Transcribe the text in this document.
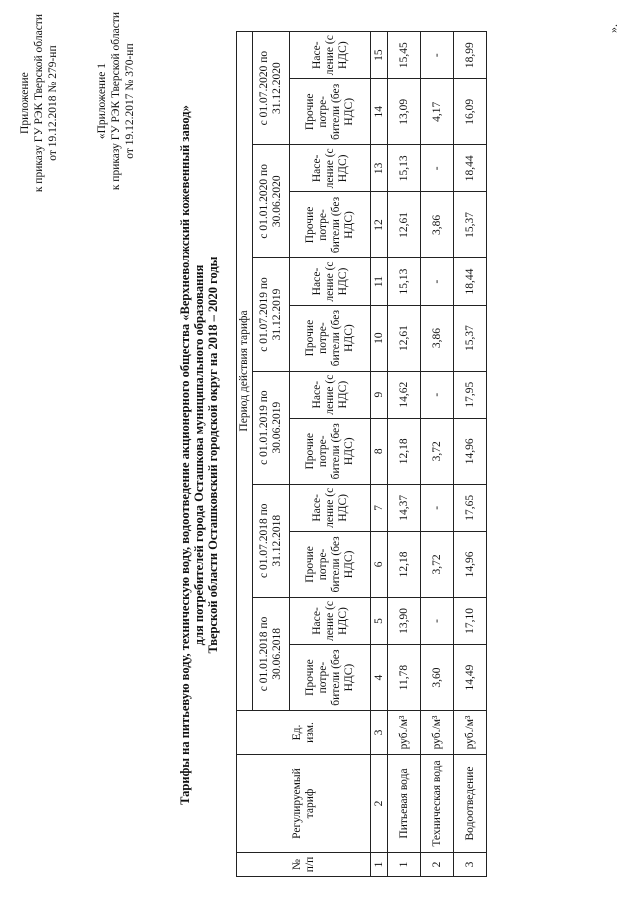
Приложение к приказу ГУ РЭК Тверской области от 19.12.2018 № 279-нп	«Приложение 1 к приказу ГУ РЭК Тверской области от 19.12.2017 № 370-нп
Тарифы на питьевую воду, техническую воду, водоотведение акционерного общества «Верхневолжский кожевенный завод» для потребителей города Осташкова муниципального образования Тверской области Осташковский городской округ на 2018 – 2020 годы
№ п/п	Регулируемый тариф	Ед. изм.	Период действия тарифа											
			с 01.01.2018 по 30.06.2018		с 01.07.2018 по 31.12.2018		с 01.01.2019 по 30.06.2019		с 01.07.2019 по 31.12.2019		с 01.01.2020 по 30.06.2020		с 01.07.2020 по 31.12.2020	
			Прочие потре-бители (без НДС)	Насе-ление (с НДС)	Прочие потре-бители (без НДС)	Насе-ление (с НДС)	Прочие потре-бители (без НДС)	Насе-ление (с НДС)	Прочие потре-бители (без НДС)	Насе-ление (с НДС)	Прочие потре-бители (без НДС)	Насе-ление (с НДС)	Прочие потре-бители (без НДС)	Насе-ление (с НДС)
1	2	3	4	5	6	7	8	9	10	11	12	13	14	15
1	Питьевая вода	руб./м³	11,78	13,90	12,18	14,37	12,18	14,62	12,61	15,13	12,61	15,13	13,09	15,45
2	Техническая вода	руб./м³	3,60	-	3,72	-	3,72	-	3,86	-	3,86	-	4,17	-
3	Водоотведение	руб./м³	14,49	17,10	14,96	17,65	14,96	17,95	15,37	18,44	15,37	18,44	16,09	18,99
».
